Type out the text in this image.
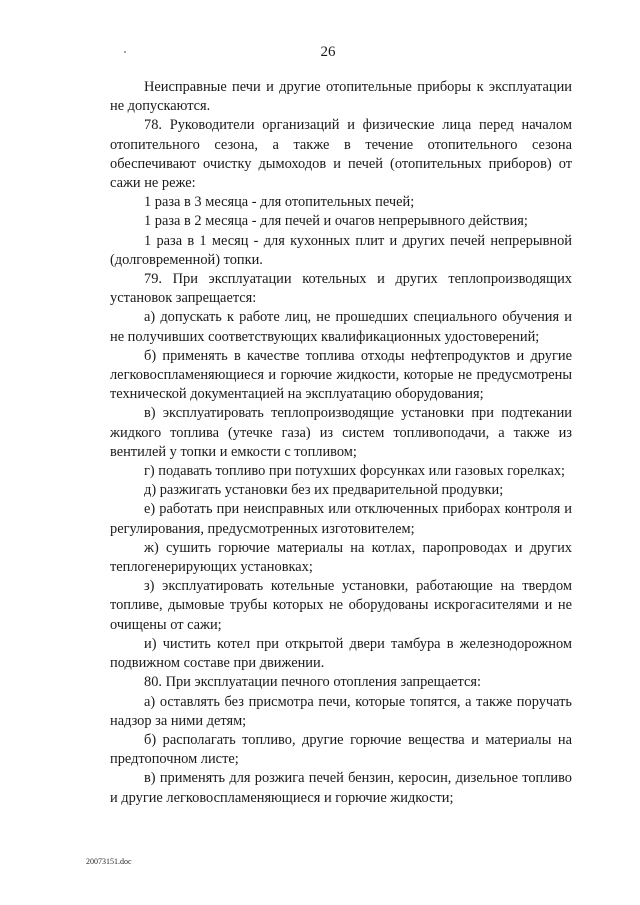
26

Неисправные печи и другие отопительные приборы к эксплуатации не допускаются.

78. Руководители организаций и физические лица перед началом отопительного сезона, а также в течение отопительного сезона обеспечивают очистку дымоходов и печей (отопительных приборов) от сажи не реже:

1 раза в 3 месяца - для отопительных печей;

1 раза в 2 месяца - для печей и очагов непрерывного действия;

1 раза в 1 месяц - для кухонных плит и других печей непрерывной (долговременной) топки.

79. При эксплуатации котельных и других теплопроизводящих установок запрещается:

а) допускать к работе лиц, не прошедших специального обучения и не получивших соответствующих квалификационных удостоверений;

б) применять в качестве топлива отходы нефтепродуктов и другие легковоспламеняющиеся и горючие жидкости, которые не предусмотрены технической документацией на эксплуатацию оборудования;

в) эксплуатировать теплопроизводящие установки при подтекании жидкого топлива (утечке газа) из систем топливоподачи, а также из вентилей у топки и емкости с топливом;

г) подавать топливо при потухших форсунках или газовых горелках;

д) разжигать установки без их предварительной продувки;

е) работать при неисправных или отключенных приборах контроля и регулирования, предусмотренных изготовителем;

ж) сушить горючие материалы на котлах, паропроводах и других теплогенерирующих установках;

з) эксплуатировать котельные установки, работающие на твердом топливе, дымовые трубы которых не оборудованы искрогасителями и не очищены от сажи;

и) чистить котел при открытой двери тамбура в железнодорожном подвижном составе при движении.

80. При эксплуатации печного отопления запрещается:

а) оставлять без присмотра печи, которые топятся, а также поручать надзор за ними детям;

б) располагать топливо, другие горючие вещества и материалы на предтопочном листе;

в) применять для розжига печей бензин, керосин, дизельное топливо и другие легковоспламеняющиеся и горючие жидкости;

20073151.doc
